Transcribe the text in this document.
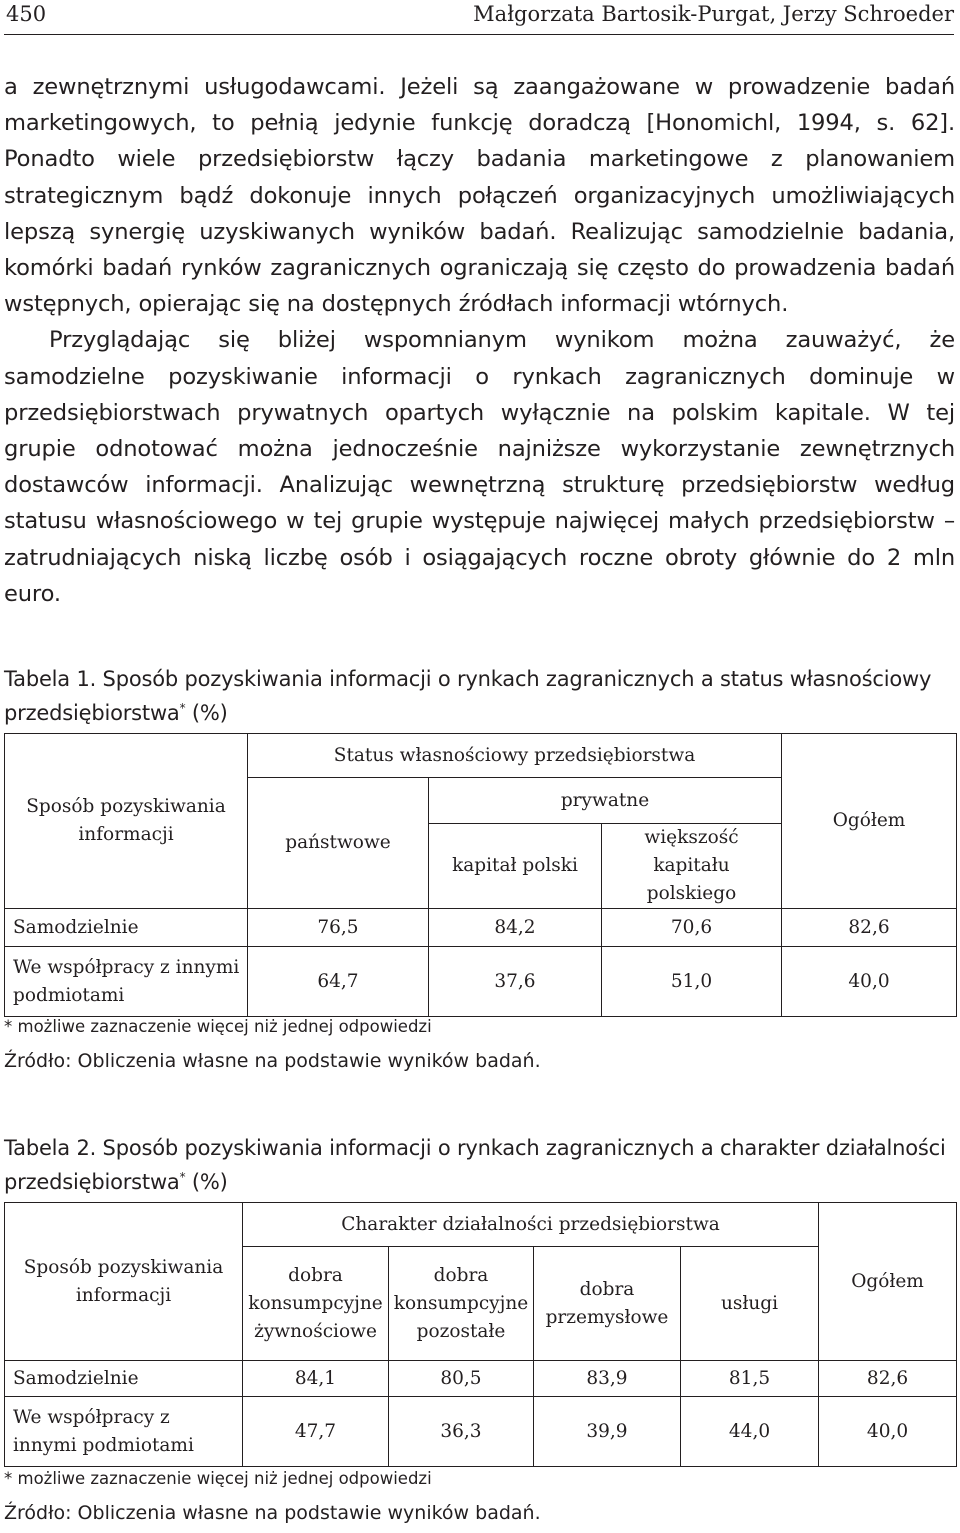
450	Małgorzata Bartosik-Purgat, Jerzy Schroeder

a zewnętrznymi usługodawcami. Jeżeli są zaangażowane w prowadzenie badań marketingowych, to pełnią jedynie funkcję doradczą [Honomichl, 1994, s. 62]. Ponadto wiele przedsiębiorstw łączy badania marketingowe z planowaniem strategicznym bądź dokonuje innych połączeń organizacyjnych umożliwiających lepszą synergię uzyskiwanych wyników badań. Realizując samodzielnie badania, komórki badań rynków zagranicznych ograniczają się często do prowadzenia badań wstępnych, opierając się na dostępnych źródłach informacji wtórnych.

Przyglądając się bliżej wspomnianym wynikom można zauważyć, że samodzielne pozyskiwanie informacji o rynkach zagranicznych dominuje w przedsiębiorstwach prywatnych opartych wyłącznie na polskim kapitale. W tej grupie odnotować można jednocześnie najniższe wykorzystanie zewnętrznych dostawców informacji. Analizując wewnętrzną strukturę przedsiębiorstw według statusu własnościowego w tej grupie występuje najwięcej małych przedsiębiorstw – zatrudniających niską liczbę osób i osiągających roczne obroty głównie do 2 mln euro.

Tabela 1. Sposób pozyskiwania informacji o rynkach zagranicznych a status własnościowy przedsiębiorstwa* (%)
Sposób pozyskiwania informacji	Status własnościowy przedsiębiorstwa			Ogółem
	państwowe	prywatne		
		kapitał polski	większość kapitału polskiego	
Samodzielnie	76,5	84,2	70,6	82,6
We współpracy z innymi podmiotami	64,7	37,6	51,0	40,0
* możliwe zaznaczenie więcej niż jednej odpowiedzi
Źródło: Obliczenia własne na podstawie wyników badań.
Tabela 2. Sposób pozyskiwania informacji o rynkach zagranicznych a charakter działalności przedsiębiorstwa* (%)
Sposób pozyskiwania informacji	Charakter działalności przedsiębiorstwa				Ogółem
	dobra konsumpcyjne żywnościowe	dobra konsumpcyjne pozostałe	dobra przemysłowe	usługi	
Samodzielnie	84,1	80,5	83,9	81,5	82,6
We współpracy z innymi podmiotami	47,7	36,3	39,9	44,0	40,0
* możliwe zaznaczenie więcej niż jednej odpowiedzi
Źródło: Obliczenia własne na podstawie wyników badań.
